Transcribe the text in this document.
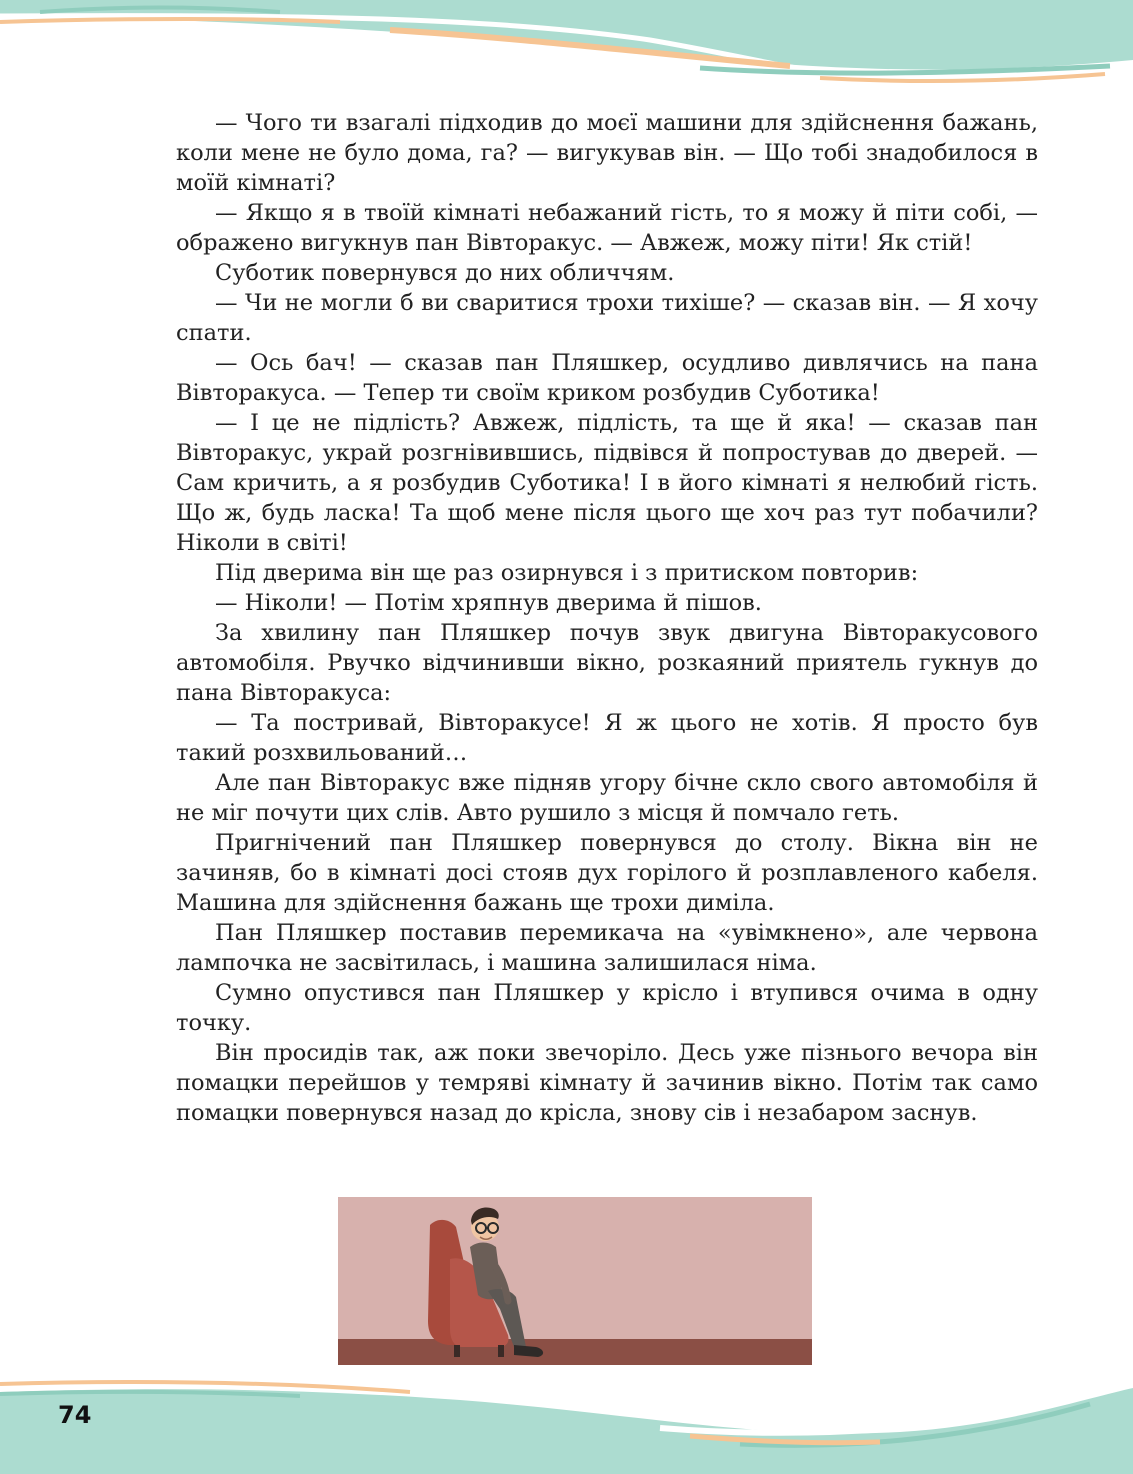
— Чого ти взагалі підходив до моєї машини для здійснення бажань, коли мене не було дома, га? — вигукував він. — Що тобі знадобилося в моїй кімнаті?

— Якщо я в твоїй кімнаті небажаний гість, то я можу й піти собі, — ображено вигукнув пан Вівторакус. — Авжеж, можу піти! Як стій!

Суботик повернувся до них обличчям.

— Чи не могли б ви сваритися трохи тихіше? — сказав він. — Я хочу спати.

— Ось бач! — сказав пан Пляшкер, осудливо дивлячись на пана Вівторакуса. — Тепер ти своїм криком розбудив Суботика!

— І це не підлість? Авжеж, підлість, та ще й яка! — сказав пан Вівторакус, украй розгнівившись, підвівся й попростував до дверей. — Сам кричить, а я розбудив Суботика! І в його кімнаті я нелюбий гість. Що ж, будь ласка! Та щоб мене після цього ще хоч раз тут побачили? Ніколи в світі!

Під дверима він ще раз озирнувся і з притиском повторив:

— Ніколи! — Потім хряпнув дверима й пішов.

За хвилину пан Пляшкер почув звук двигуна Вівторакусового автомобіля. Рвучко відчинивши вікно, розкаяний приятель гукнув до пана Вівторакуса:

— Та постривай, Вівторакусе! Я ж цього не хотів. Я просто був такий розхвильований…

Але пан Вівторакус вже підняв угору бічне скло свого автомобіля й не міг почути цих слів. Авто рушило з місця й помчало геть.

Пригнічений пан Пляшкер повернувся до столу. Вікна він не зачиняв, бо в кімнаті досі стояв дух горілого й розплавленого кабеля. Машина для здійснення бажань ще трохи диміла.

Пан Пляшкер поставив перемикача на «увімкнено», але червона лампочка не засвітилась, і машина залишилася німа.

Сумно опустився пан Пляшкер у крісло і втупився очима в одну точку.

Він просидів так, аж поки звечоріло. Десь уже пізнього вечора він помацки перейшов у темряві кімнату й зачинив вікно. Потім так само помацки повернувся назад до крісла, знову сів і незабаром заснув.

74
